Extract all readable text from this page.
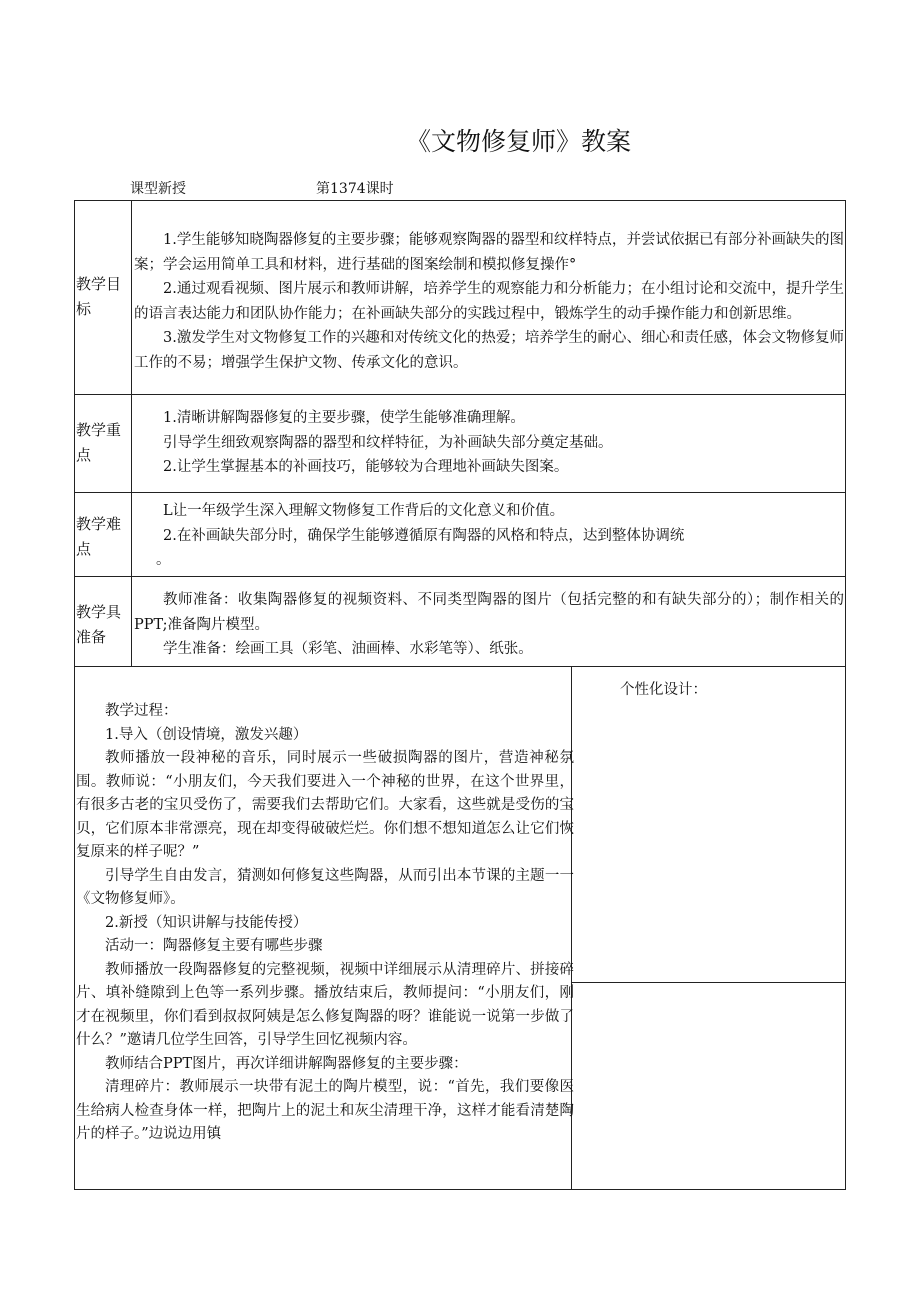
《文物修复师》教案
课型新授	第1374课时
教学目标

1.学生能够知晓陶器修复的主要步骤；能够观察陶器的器型和纹样特点，并尝试依据已有部分补画缺失的图案；学会运用简单工具和材料，进行基础的图案绘制和模拟修复操作°

2.通过观看视频、图片展示和教师讲解，培养学生的观察能力和分析能力；在小组讨论和交流中，提升学生的语言表达能力和团队协作能力；在补画缺失部分的实践过程中，锻炼学生的动手操作能力和创新思维。

3.激发学生对文物修复工作的兴趣和对传统文化的热爱；培养学生的耐心、细心和责任感，体会文物修复师工作的不易；增强学生保护文物、传承文化的意识。

教学重点

1.清晰讲解陶器修复的主要步骤，使学生能够准确理解。

引导学生细致观察陶器的器型和纹样特征，为补画缺失部分奠定基础。

2.让学生掌握基本的补画技巧，能够较为合理地补画缺失图案。

教学难点

L让一年级学生深入理解文物修复工作背后的文化意义和价值。

2.在补画缺失部分时，确保学生能够遵循原有陶器的风格和特点，达到整体协调统

。

教学具准备

教师准备：收集陶器修复的视频资料、不同类型陶器的图片（包括完整的和有缺失部分的）；制作相关的PPT;准备陶片模型。

学生准备：绘画工具（彩笔、油画棒、水彩笔等）、纸张。

个性化设计：

教学过程：

1.导入（创设情境，激发兴趣）

教师播放一段神秘的音乐，同时展示一些破损陶器的图片，营造神秘氛围。教师说：“小朋友们，今天我们要进入一个神秘的世界，在这个世界里，有很多古老的宝贝受伤了，需要我们去帮助它们。大家看，这些就是受伤的宝贝，它们原本非常漂亮，现在却变得破破烂烂。你们想不想知道怎么让它们恢复原来的样子呢？”

引导学生自由发言，猜测如何修复这些陶器，从而引出本节课的主题一一《文物修复师》。

2.新授（知识讲解与技能传授）

活动一：陶器修复主要有哪些步骤

教师播放一段陶器修复的完整视频，视频中详细展示从清理碎片、拼接碎片、填补缝隙到上色等一系列步骤。播放结束后，教师提问：“小朋友们，刚才在视频里，你们看到叔叔阿姨是怎么修复陶器的呀？谁能说一说第一步做了什么？”邀请几位学生回答，引导学生回忆视频内容。

教师结合PPT图片，再次详细讲解陶器修复的主要步骤：

清理碎片：教师展示一块带有泥土的陶片模型，说：“首先，我们要像医生给病人检查身体一样，把陶片上的泥土和灰尘清理干净，这样才能看清楚陶片的样子。”边说边用镇
